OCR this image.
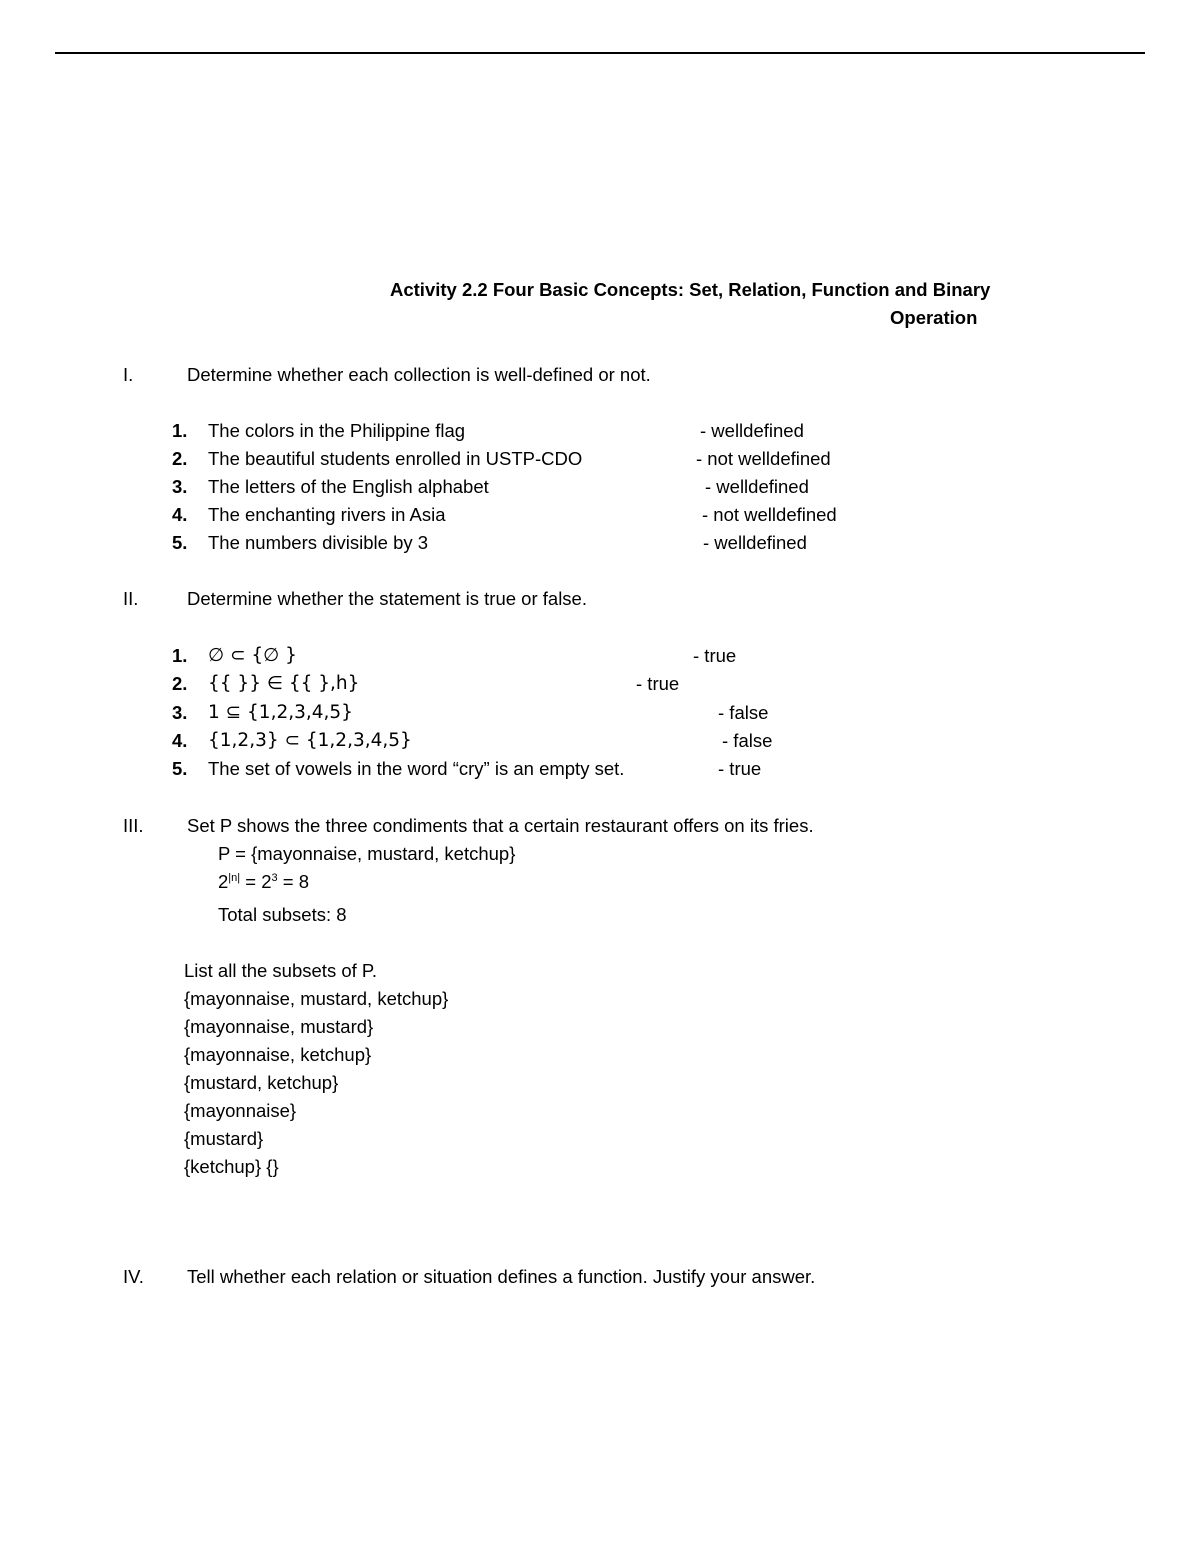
Activity 2.2 Four Basic Concepts: Set, Relation, Function and Binary
Operation
I.	Determine whether each collection is well-defined or not.
1. The colors in the Philippine flag	- welldefined
2. The beautiful students enrolled in USTP-CDO	- not welldefined
3. The letters of the English alphabet	- welldefined
4. The enchanting rivers in Asia	- not welldefined
5. The numbers divisible by 3	- welldefined
II.	Determine whether the statement is true or false.
1. ∅ ⊂ {∅ }	- true
2. {{ }} ∈ {{ },h}	- true
3. 1 ⊆ {1,2,3,4,5}	- false
4. {1,2,3} ⊂ {1,2,3,4,5}	- false
5. The set of vowels in the word “cry” is an empty set.	- true
III. Set P shows the three condiments that a certain restaurant offers on its fries.
P = {mayonnaise, mustard, ketchup}
$2^{|n|} = 2^3 = 8$
Total subsets: 8
List all the subsets of P.
{mayonnaise, mustard, ketchup}
{mayonnaise, mustard}
{mayonnaise, ketchup}
{mustard, ketchup}
{mayonnaise}
{mustard}
{ketchup} {}
IV. Tell whether each relation or situation defines a function. Justify your answer.
